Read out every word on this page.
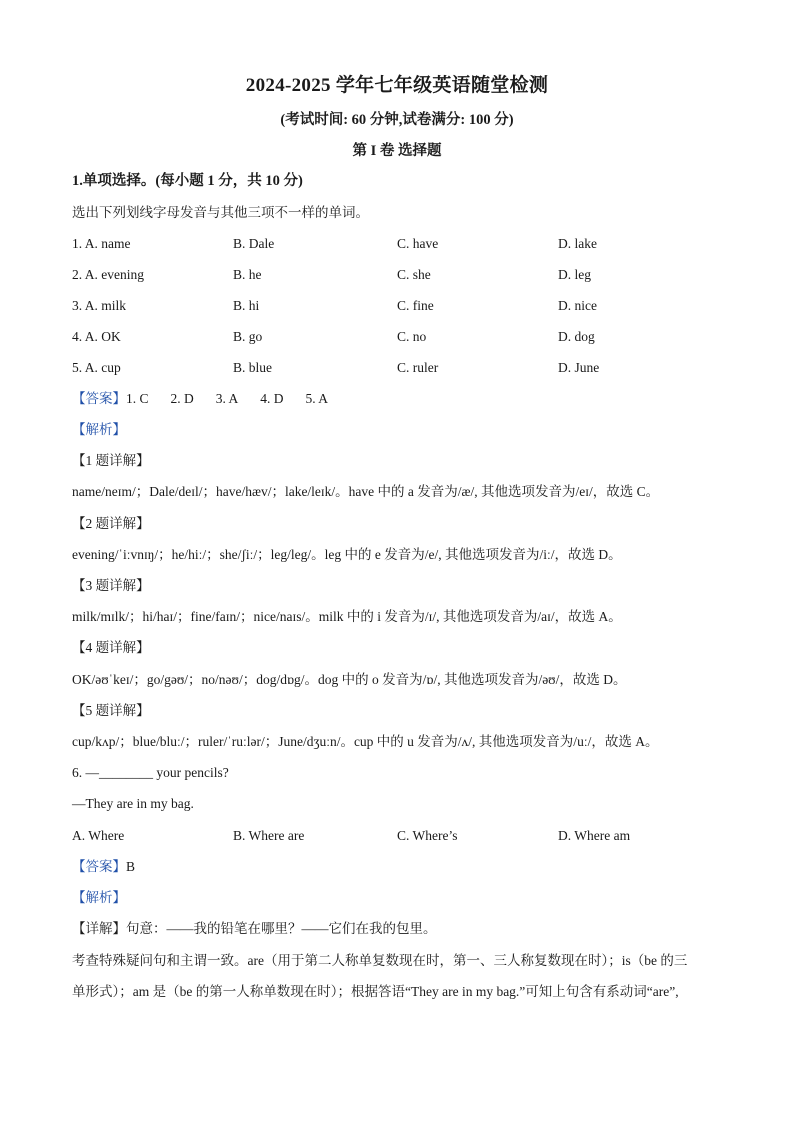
2024-2025 学年七年级英语随堂检测
(考试时间: 60 分钟,试卷满分: 100 分)
第 I 卷 选择题
1.单项选择。(每小题 1 分，共 10 分)
选出下列划线字母发音与其他三项不一样的单词。
1. A. name	B. Dale	C. have	D. lake
2. A. evening	B. he	C. she	D. leg
3. A. milk	B. hi	C. fine	D. nice
4. A. OK	B. go	C. no	D. dog
5. A. cup	B. blue	C. ruler	D. June
【答案】1. C 2. D 3. A 4. D 5. A
【解析】
【1 题详解】
name/neɪm/；Dale/deɪl/；have/hæv/；lake/leɪk/。have 中的 a 发音为/æ/, 其他选项发音为/eɪ/，故选 C。
【2 题详解】
evening/ˈiːvnɪŋ/；he/hiː/；she/ʃiː/；leg/leg/。leg 中的 e 发音为/e/, 其他选项发音为/iː/，故选 D。
【3 题详解】
milk/mɪlk/；hi/haɪ/；fine/faɪn/；nice/naɪs/。milk 中的 i 发音为/ɪ/, 其他选项发音为/aɪ/，故选 A。
【4 题详解】
OK/əʊˈkeɪ/；go/gəʊ/；no/nəʊ/；dog/dɒg/。dog 中的 o 发音为/ɒ/, 其他选项发音为/əʊ/，故选 D。
【5 题详解】
cup/kʌp/；blue/bluː/；ruler/ˈruːlər/；June/dʒuːn/。cup 中的 u 发音为/ʌ/, 其他选项发音为/uː/，故选 A。
6. —________ your pencils?
—They are in my bag.
A. Where	B. Where are	C. Where’s	D. Where am
【答案】B
【解析】
【详解】句意：——我的铅笔在哪里？——它们在我的包里。
考查特殊疑问句和主谓一致。are（用于第二人称单复数现在时，第一、三人称复数现在时）；is（be 的三
单形式）；am 是（be 的第一人称单数现在时）；根据答语“They are in my bag.”可知上句含有系动词“are”,
